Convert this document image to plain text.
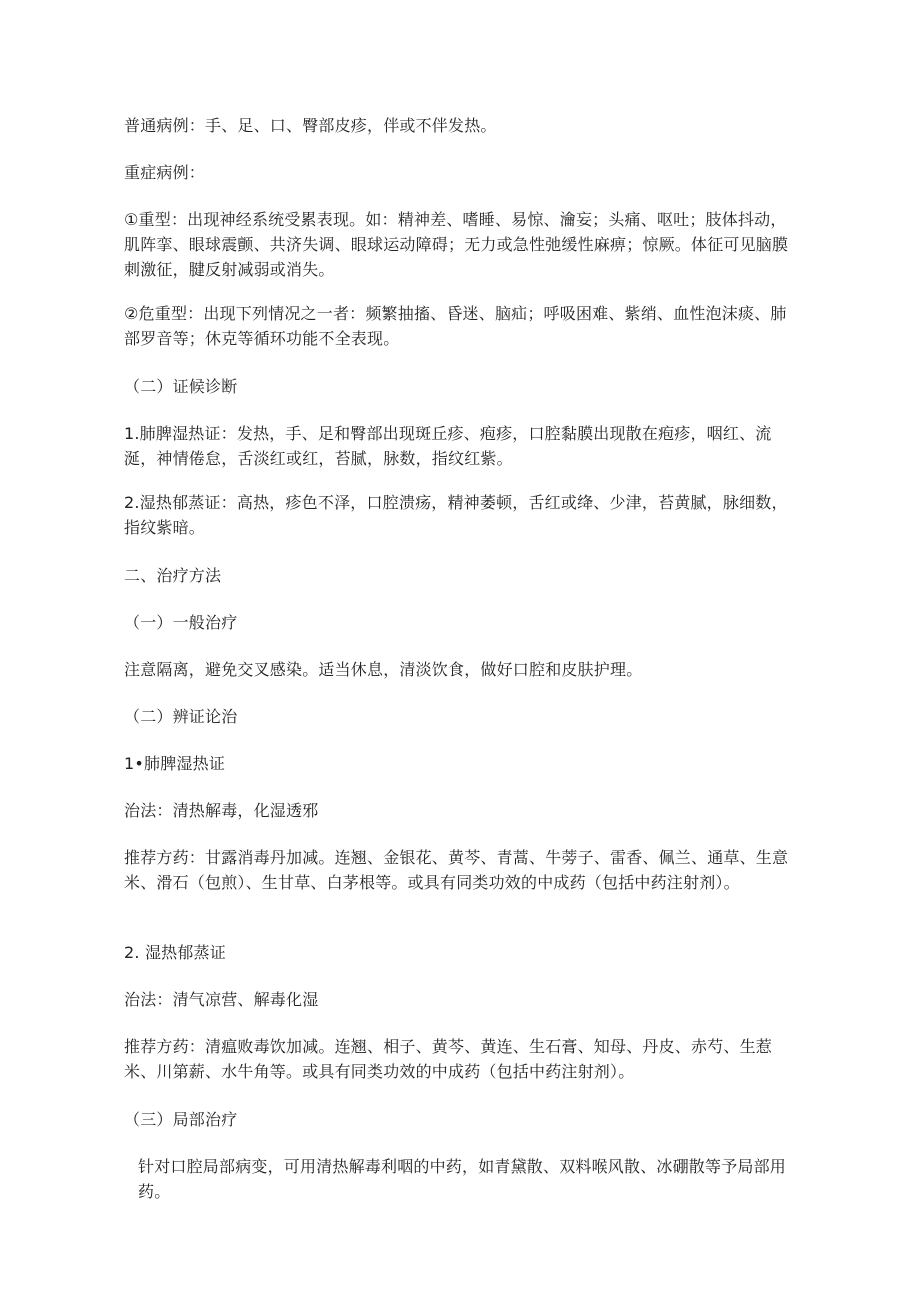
普通病例：手、足、口、臀部皮疹，伴或不伴发热。

重症病例：

①重型：出现神经系统受累表现。如：精神差、嗜睡、易惊、瀹妄；头痛、呕吐；肢体抖动，肌阵挛、眼球震颤、共济失调、眼球运动障碍；无力或急性弛缓性麻痹；惊厥。体征可见脑膜刺激征，腱反射减弱或消失。

②危重型：出现下列情况之一者：频繁抽搐、昏迷、脑疝；呼吸困难、紫绡、血性泡沫痰、肺部罗音等；休克等循环功能不全表现。

（二）证候诊断

1.肺脾湿热证：发热，手、足和臀部出现斑丘疹、疱疹，口腔黏膜出现散在疱疹，咽红、流涎，神情倦怠，舌淡红或红，苔腻，脉数，指纹红紫。

2.湿热郁蒸证：高热，疹色不泽，口腔溃疡，精神萎顿，舌红或绛、少津，苔黄腻，脉细数，指纹紫暗。

二、治疗方法

（一）一般治疗

注意隔离，避免交叉感染。适当休息，清淡饮食，做好口腔和皮肤护理。

（二）辨证论治

1•肺脾湿热证

治法：清热解毒，化湿透邪

推荐方药：甘露消毒丹加减。连翘、金银花、黄芩、青蒿、牛蒡子、雷香、佩兰、通草、生意米、滑石（包煎）、生甘草、白茅根等。或具有同类功效的中成药（包括中药注射剂）。

2. 湿热郁蒸证

治法：清气凉营、解毒化湿

推荐方药：清瘟败毒饮加减。连翘、相子、黄芩、黄连、生石膏、知母、丹皮、赤芍、生惹米、川第薪、水牛角等。或具有同类功效的中成药（包括中药注射剂）。

（三）局部治疗

针对口腔局部病变，可用清热解毒利咽的中药，如青黛散、双料喉风散、冰硼散等予局部用药。
